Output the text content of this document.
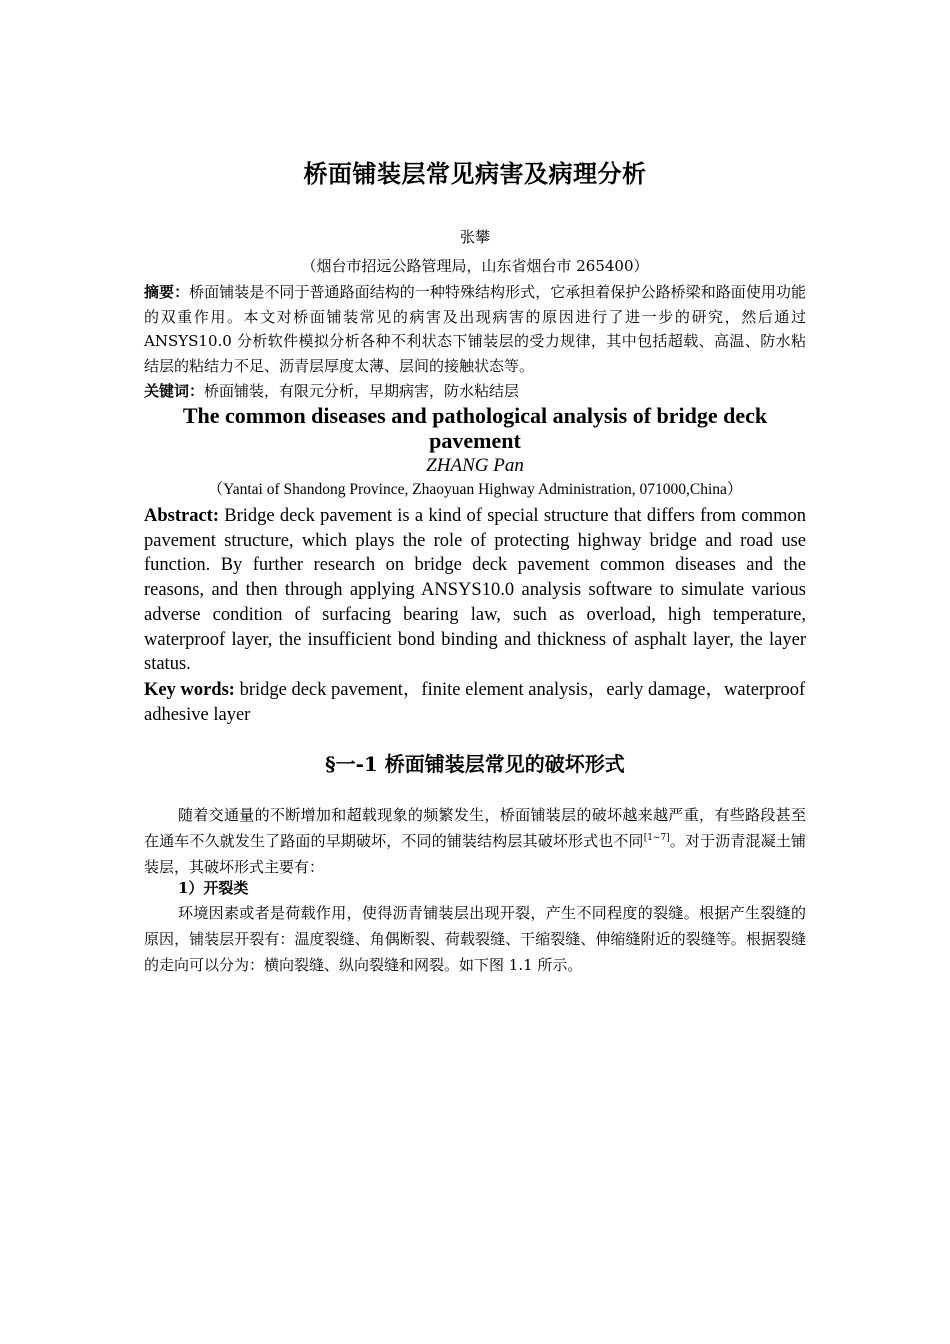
桥面铺装层常见病害及病理分析
张攀
（烟台市招远公路管理局，山东省烟台市 265400）
摘要：桥面铺装是不同于普通路面结构的一种特殊结构形式，它承担着保护公路桥梁和路面使用功能的双重作用。本文对桥面铺装常见的病害及出现病害的原因进行了进一步的研究，然后通过 ANSYS10.0 分析软件模拟分析各种不利状态下铺装层的受力规律，其中包括超载、高温、防水粘结层的粘结力不足、沥青层厚度太薄、层间的接触状态等。
关键词：桥面铺装，有限元分析，早期病害，防水粘结层
The common diseases and pathological analysis of bridge deck pavement
ZHANG Pan
（Yantai of Shandong Province, Zhaoyuan Highway Administration, 071000,China）
Abstract: Bridge deck pavement is a kind of special structure that differs from common pavement structure, which plays the role of protecting highway bridge and road use function. By further research on bridge deck pavement common diseases and the reasons, and then through applying ANSYS10.0 analysis software to simulate various adverse condition of surfacing bearing law, such as overload, high temperature, waterproof layer, the insufficient bond binding and thickness of asphalt layer, the layer status.
Key words: bridge deck pavement，finite element analysis，early damage，waterproof adhesive layer
§一-1 桥面铺装层常见的破坏形式
随着交通量的不断增加和超载现象的频繁发生，桥面铺装层的破坏越来越严重，有些路段甚至在通车不久就发生了路面的早期破坏，不同的铺装结构层其破坏形式也不同[1~7]。对于沥青混凝土铺装层，其破坏形式主要有：
1）开裂类
环境因素或者是荷载作用，使得沥青铺装层出现开裂，产生不同程度的裂缝。根据产生裂缝的原因，铺装层开裂有：温度裂缝、角偶断裂、荷载裂缝、干缩裂缝、伸缩缝附近的裂缝等。根据裂缝的走向可以分为：横向裂缝、纵向裂缝和网裂。如下图 1.1 所示。
